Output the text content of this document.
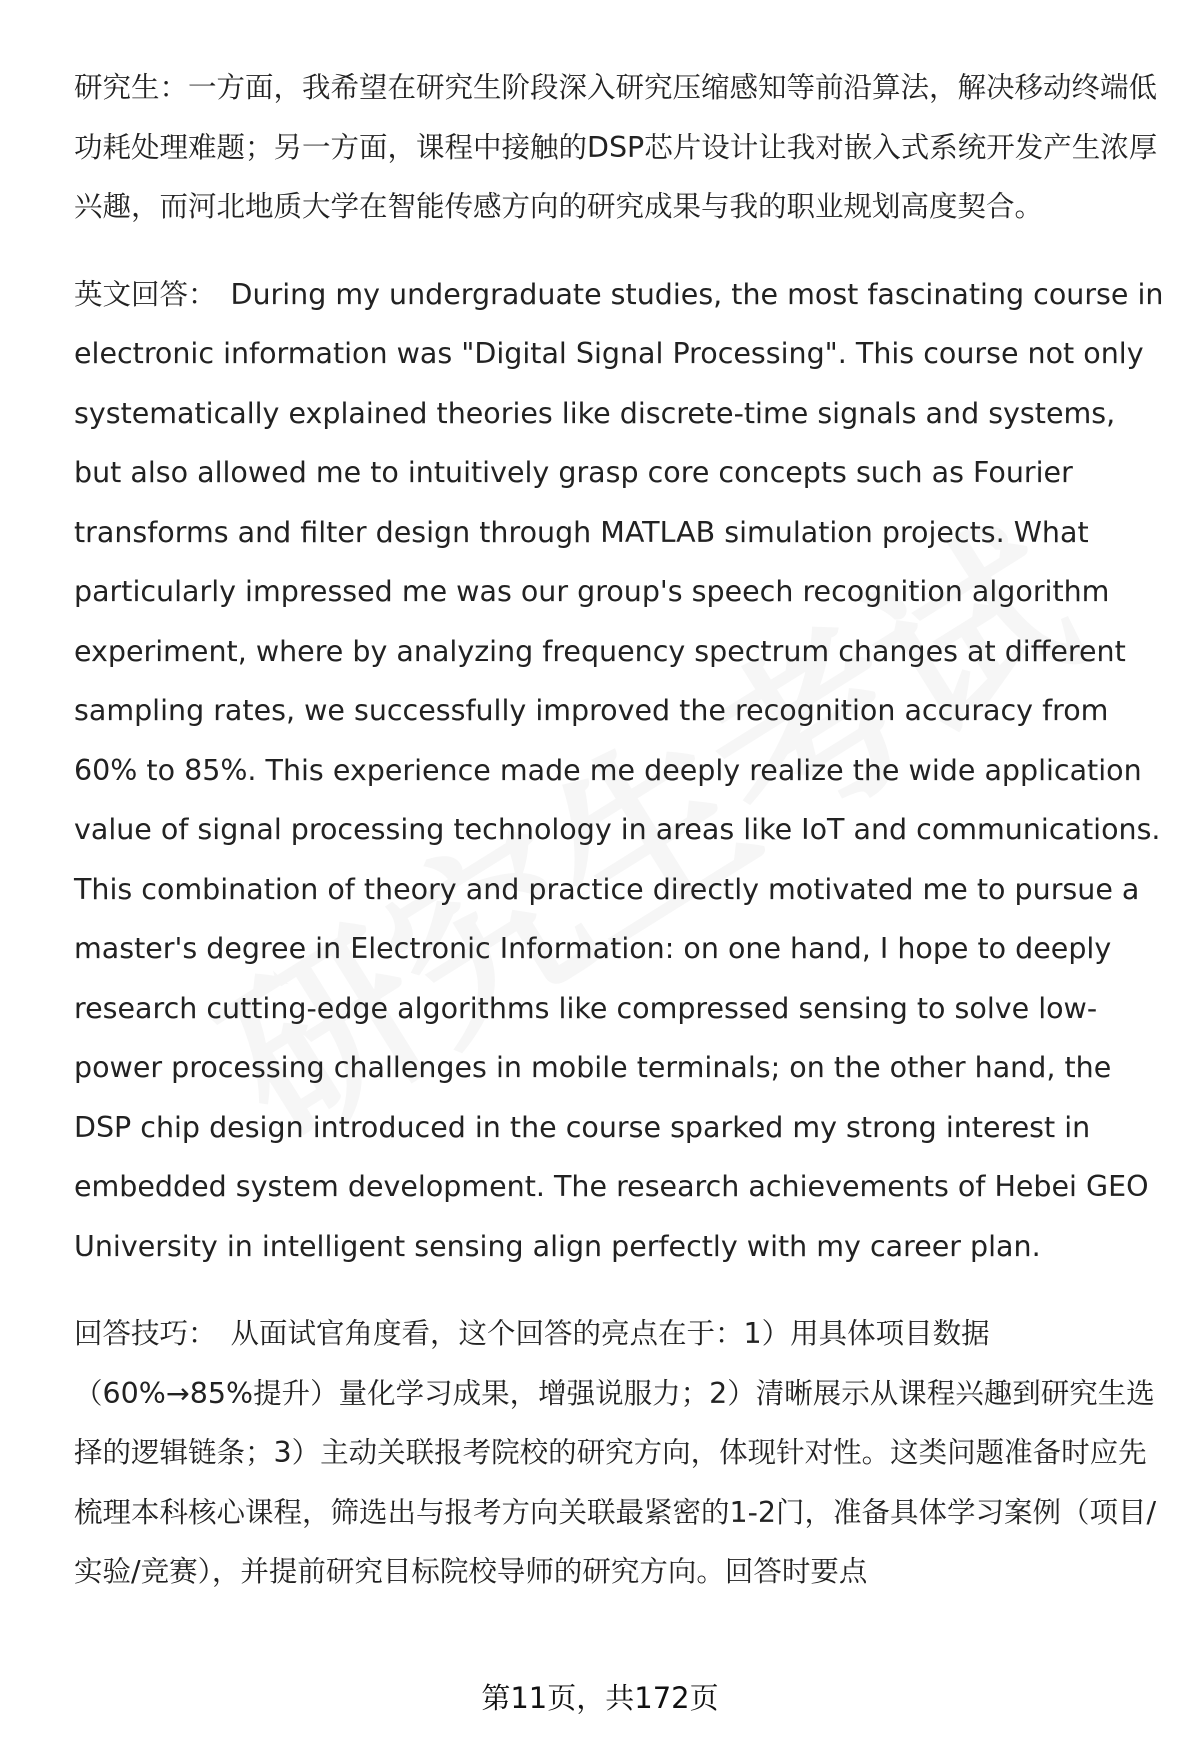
研究生：一方面，我希望在研究生阶段深入研究压缩感知等前沿算法，解决移动终端低功耗处理难题；另一方面，课程中接触的DSP芯片设计让我对嵌入式系统开发产生浓厚兴趣，而河北地质大学在智能传感方向的研究成果与我的职业规划高度契合。

英文回答： During my undergraduate studies, the most fascinating course in electronic information was "Digital Signal Processing". This course not only systematically explained theories like discrete-time signals and systems, but also allowed me to intuitively grasp core concepts such as Fourier transforms and filter design through MATLAB simulation projects. What particularly impressed me was our group's speech recognition algorithm experiment, where by analyzing frequency spectrum changes at different sampling rates, we successfully improved the recognition accuracy from 60% to 85%. This experience made me deeply realize the wide application value of signal processing technology in areas like IoT and communications. This combination of theory and practice directly motivated me to pursue a master's degree in Electronic Information: on one hand, I hope to deeply research cutting-edge algorithms like compressed sensing to solve low-power processing challenges in mobile terminals; on the other hand, the DSP chip design introduced in the course sparked my strong interest in embedded system development. The research achievements of Hebei GEO University in intelligent sensing align perfectly with my career plan.

回答技巧： 从面试官角度看，这个回答的亮点在于：1）用具体项目数据（60%→85%提升）量化学习成果，增强说服力；2）清晰展示从课程兴趣到研究生选择的逻辑链条；3）主动关联报考院校的研究方向，体现针对性。这类问题准备时应先梳理本科核心课程，筛选出与报考方向关联最紧密的1-2门，准备具体学习案例（项目/实验/竞赛），并提前研究目标院校导师的研究方向。回答时要点

第11页，共172页
